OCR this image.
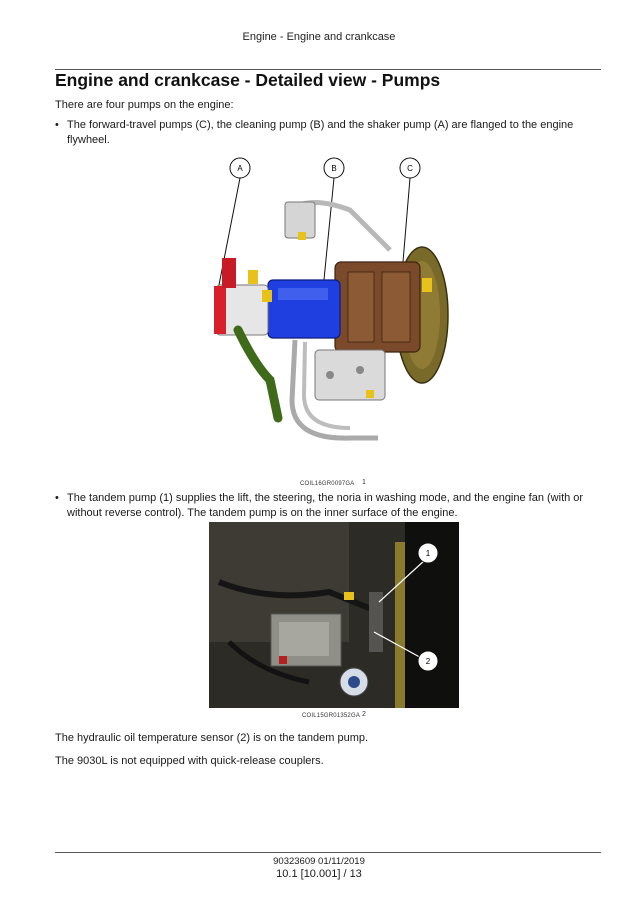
Engine - Engine and crankcase
Engine and crankcase - Detailed view - Pumps

There are four pumps on the engine:

• The forward-travel pumps (C), the cleaning pump (B) and the shaker pump (A) are flanged to the engine flywheel.
A	B	C
COIL16GR0097GA 1
• The tandem pump (1) supplies the lift, the steering, the noria in washing mode, and the engine fan (with or without reverse control). The tandem pump is on the inner surface of the engine.
1
2
COIL15GR01352GA 2

The hydraulic oil temperature sensor (2) is on the tandem pump.

The 9030L is not equipped with quick-release couplers.

90323609 01/11/2019
10.1 [10.001] / 13
